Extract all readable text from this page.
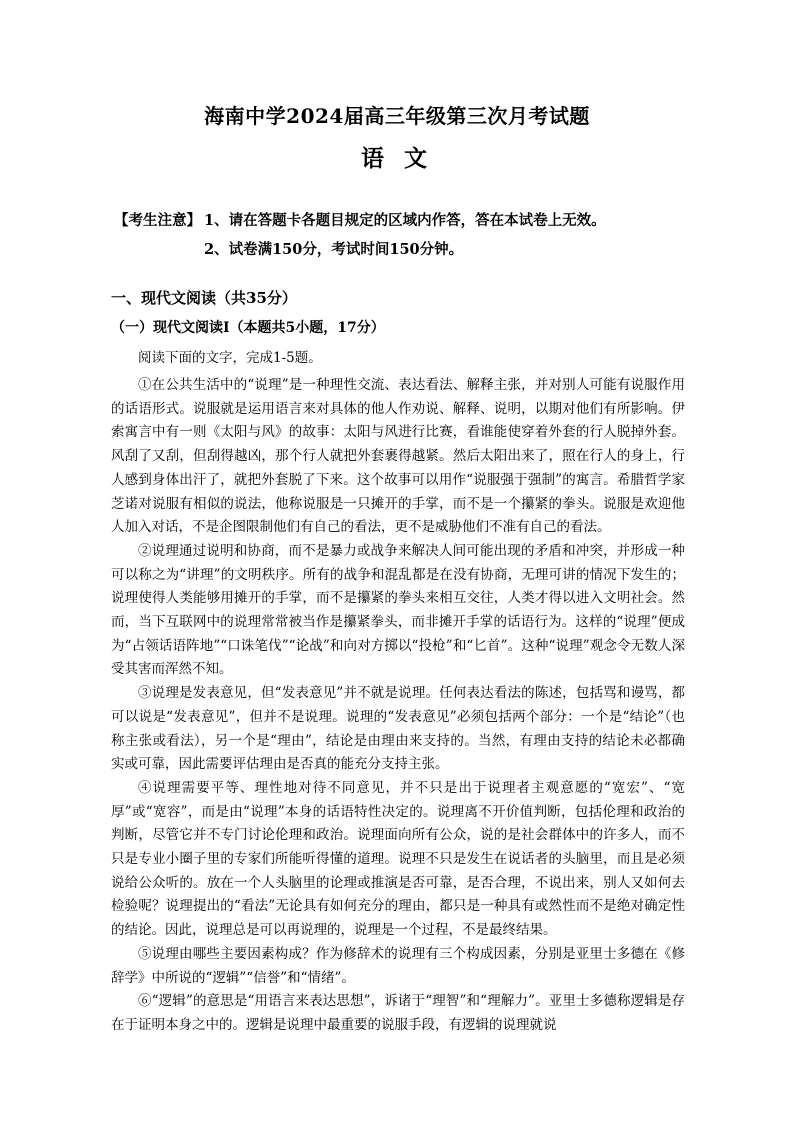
海南中学2024届高三年级第三次月考试题
语 文
【考生注意】 1、请在答题卡各题目规定的区域内作答，答在本试卷上无效。
2、试卷满150分，考试时间150分钟。
一、现代文阅读（共35分）
（一）现代文阅读Ⅰ（本题共5小题，17分）
阅读下面的文字，完成1-5题。

①在公共生活中的“说理”是一种理性交流、表达看法、解释主张，并对别人可能有说服作用的话语形式。说服就是运用语言来对具体的他人作劝说、解释、说明，以期对他们有所影响。伊索寓言中有一则《太阳与风》的故事：太阳与风进行比赛，看谁能使穿着外套的行人脱掉外套。风刮了又刮，但刮得越凶，那个行人就把外套裹得越紧。然后太阳出来了，照在行人的身上，行人感到身体出汗了，就把外套脱了下来。这个故事可以用作“说服强于强制”的寓言。希腊哲学家芝诺对说服有相似的说法，他称说服是一只摊开的手掌，而不是一个攥紧的拳头。说服是欢迎他人加入对话，不是企图限制他们有自己的看法，更不是威胁他们不准有自己的看法。

②说理通过说明和协商，而不是暴力或战争来解决人间可能出现的矛盾和冲突，并形成一种可以称之为“讲理”的文明秩序。所有的战争和混乱都是在没有协商，无理可讲的情况下发生的；说理使得人类能够用摊开的手掌，而不是攥紧的拳头来相互交往，人类才得以进入文明社会。然而，当下互联网中的说理常常被当作是攥紧拳头，而非摊开手掌的话语行为。这样的“说理”便成为“占领话语阵地”“口诛笔伐”“论战”和向对方掷以“投枪”和“匕首”。这种“说理”观念令无数人深受其害而浑然不知。

③说理是发表意见，但“发表意见”并不就是说理。任何表达看法的陈述，包括骂和谩骂，都可以说是“发表意见”，但并不是说理。说理的“发表意见”必须包括两个部分：一个是“结论”（也称主张或看法），另一个是“理由”，结论是由理由来支持的。当然，有理由支持的结论未必都确实或可靠，因此需要评估理由是否真的能充分支持主张。

④说理需要平等、理性地对待不同意见，并不只是出于说理者主观意愿的“宽宏”、“宽厚”或“宽容”，而是由“说理”本身的话语特性决定的。说理离不开价值判断，包括伦理和政治的判断，尽管它并不专门讨论伦理和政治。说理面向所有公众，说的是社会群体中的许多人，而不只是专业小圈子里的专家们所能听得懂的道理。说理不只是发生在说话者的头脑里，而且是必须说给公众听的。放在一个人头脑里的论理或推演是否可靠，是否合理，不说出来，别人又如何去检验呢？说理提出的“看法”无论具有如何充分的理由，都只是一种具有或然性而不是绝对确定性的结论。因此，说理总是可以再说理的，说理是一个过程，不是最终结果。

⑤说理由哪些主要因素构成？作为修辞术的说理有三个构成因素，分别是亚里士多德在《修辞学》中所说的“逻辑”“信誉”和“情绪”。

⑥“逻辑”的意思是“用语言来表达思想”，诉诸于“理智”和“理解力”。亚里士多德称逻辑是存在于证明本身之中的。逻辑是说理中最重要的说服手段，有逻辑的说理就说
